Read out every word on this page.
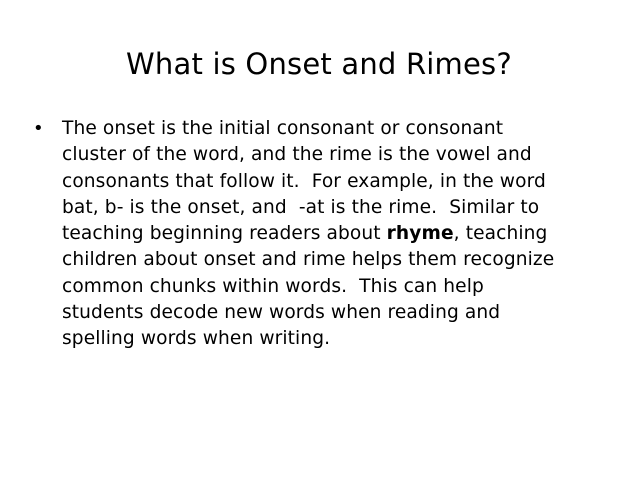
What is Onset and Rimes?
• The onset is the initial consonant or consonant
cluster of the word, and the rime is the vowel and
consonants that follow it.  For example, in the word
bat, b- is the onset, and  -at is the rime.  Similar to
teaching beginning readers about rhyme, teaching
children about onset and rime helps them recognize
common chunks within words.  This can help
students decode new words when reading and
spelling words when writing.
